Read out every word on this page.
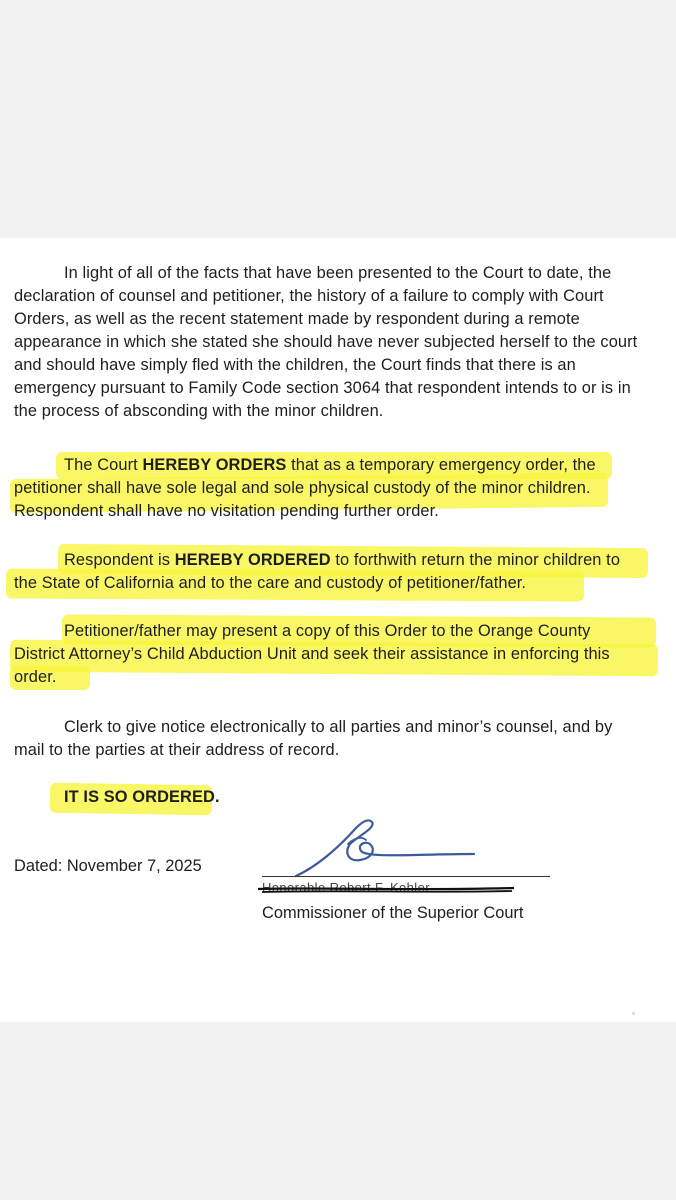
In light of all of the facts that have been presented to the Court to date, the declaration of counsel and petitioner, the history of a failure to comply with Court Orders, as well as the recent statement made by respondent during a remote appearance in which she stated she should have never subjected herself to the court and should have simply fled with the children, the Court finds that there is an emergency pursuant to Family Code section 3064 that respondent intends to or is in the process of absconding with the minor children.
The Court HEREBY ORDERS that as a temporary emergency order, the petitioner shall have sole legal and sole physical custody of the minor children. Respondent shall have no visitation pending further order.
Respondent is HEREBY ORDERED to forthwith return the minor children to the State of California and to the care and custody of petitioner/father.
Petitioner/father may present a copy of this Order to the Orange County District Attorney’s Child Abduction Unit and seek their assistance in enforcing this order.
Clerk to give notice electronically to all parties and minor’s counsel, and by mail to the parties at their address of record.
IT IS SO ORDERED.
Dated: November 7, 2025
Honorable Robert F. Kohler
Commissioner of the Superior Court
